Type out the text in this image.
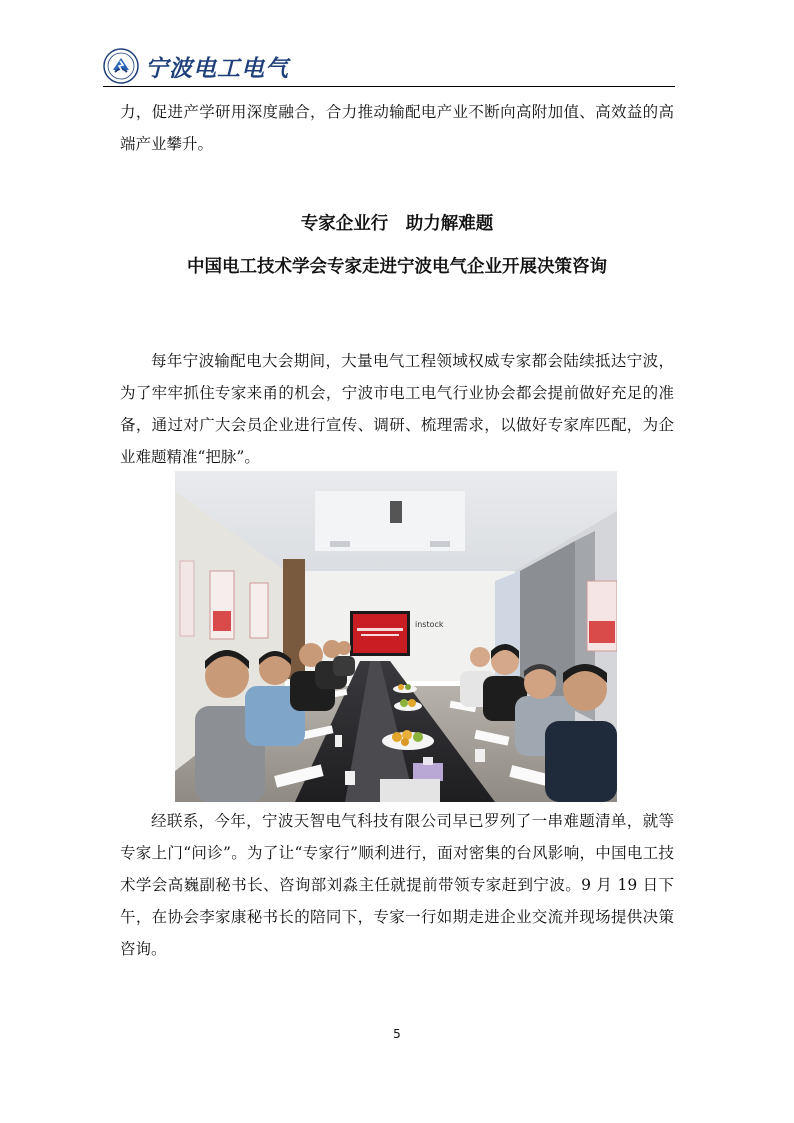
宁波电工电气

力，促进产学研用深度融合，合力推动输配电产业不断向高附加值、高效益的高端产业攀升。

专家企业行　助力解难题
中国电工技术学会专家走进宁波电气企业开展决策咨询

每年宁波输配电大会期间，大量电气工程领域权威专家都会陆续抵达宁波，为了牢牢抓住专家来甬的机会，宁波市电工电气行业协会都会提前做好充足的准备，通过对广大会员企业进行宣传、调研、梳理需求，以做好专家库匹配，为企业难题精准“把脉”。

instock

经联系，今年，宁波天智电气科技有限公司早已罗列了一串难题清单，就等专家上门“问诊”。为了让“专家行”顺利进行，面对密集的台风影响，中国电工技术学会高巍副秘书长、咨询部刘淼主任就提前带领专家赶到宁波。9 月 19 日下午，在协会李家康秘书长的陪同下，专家一行如期走进企业交流并现场提供决策咨询。

5
